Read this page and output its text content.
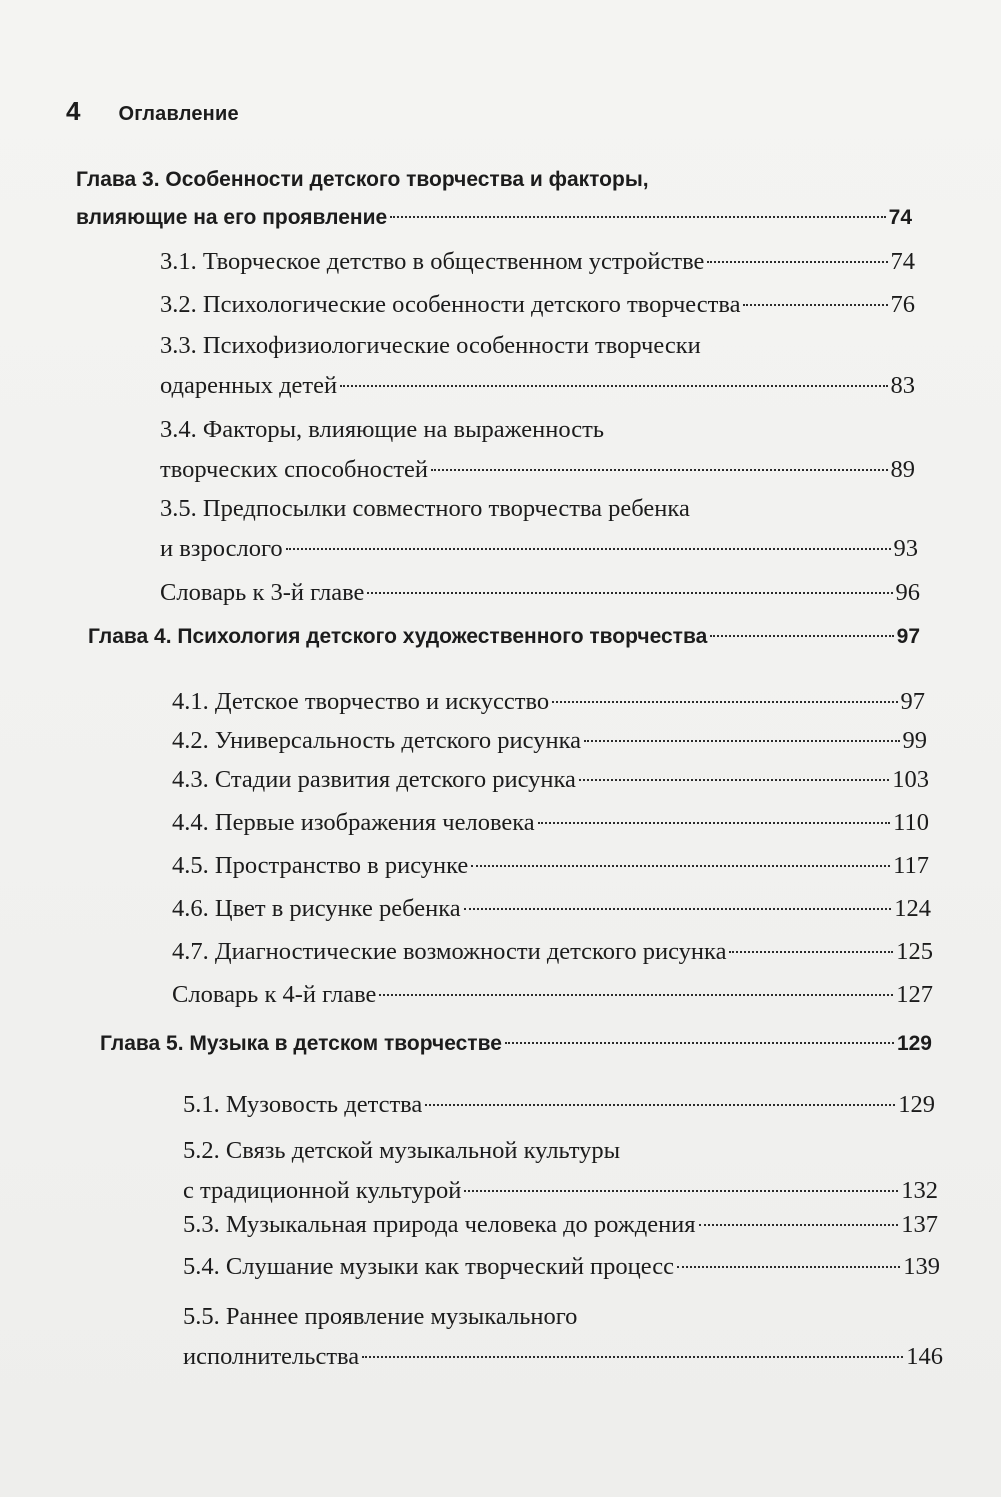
4 Оглавление
Глава 3. Особенности детского творчества и факторы,
влияющие на его проявление	74
3.1. Творческое детство в общественном устройстве	74
3.2. Психологические особенности детского творчества	76
3.3. Психофизиологические особенности творчески
одаренных детей	83
3.4. Факторы, влияющие на выраженность
творческих способностей	89
3.5. Предпосылки совместного творчества ребенка
и взрослого	93
Словарь к 3-й главе	96
Глава 4. Психология детского художественного творчества	97
4.1. Детское творчество и искусство	97
4.2. Универсальность детского рисунка	99
4.3. Стадии развития детского рисунка	103
4.4. Первые изображения человека	110
4.5. Пространство в рисунке	117
4.6. Цвет в рисунке ребенка	124
4.7. Диагностические возможности детского рисунка	125
Словарь к 4-й главе	127
Глава 5. Музыка в детском творчестве	129
5.1. Музовость детства	129
5.2. Связь детской музыкальной культуры
с традиционной культурой	132
5.3. Музыкальная природа человека до рождения	137
5.4. Слушание музыки как творческий процесс	139
5.5. Раннее проявление музыкального
исполнительства	146
